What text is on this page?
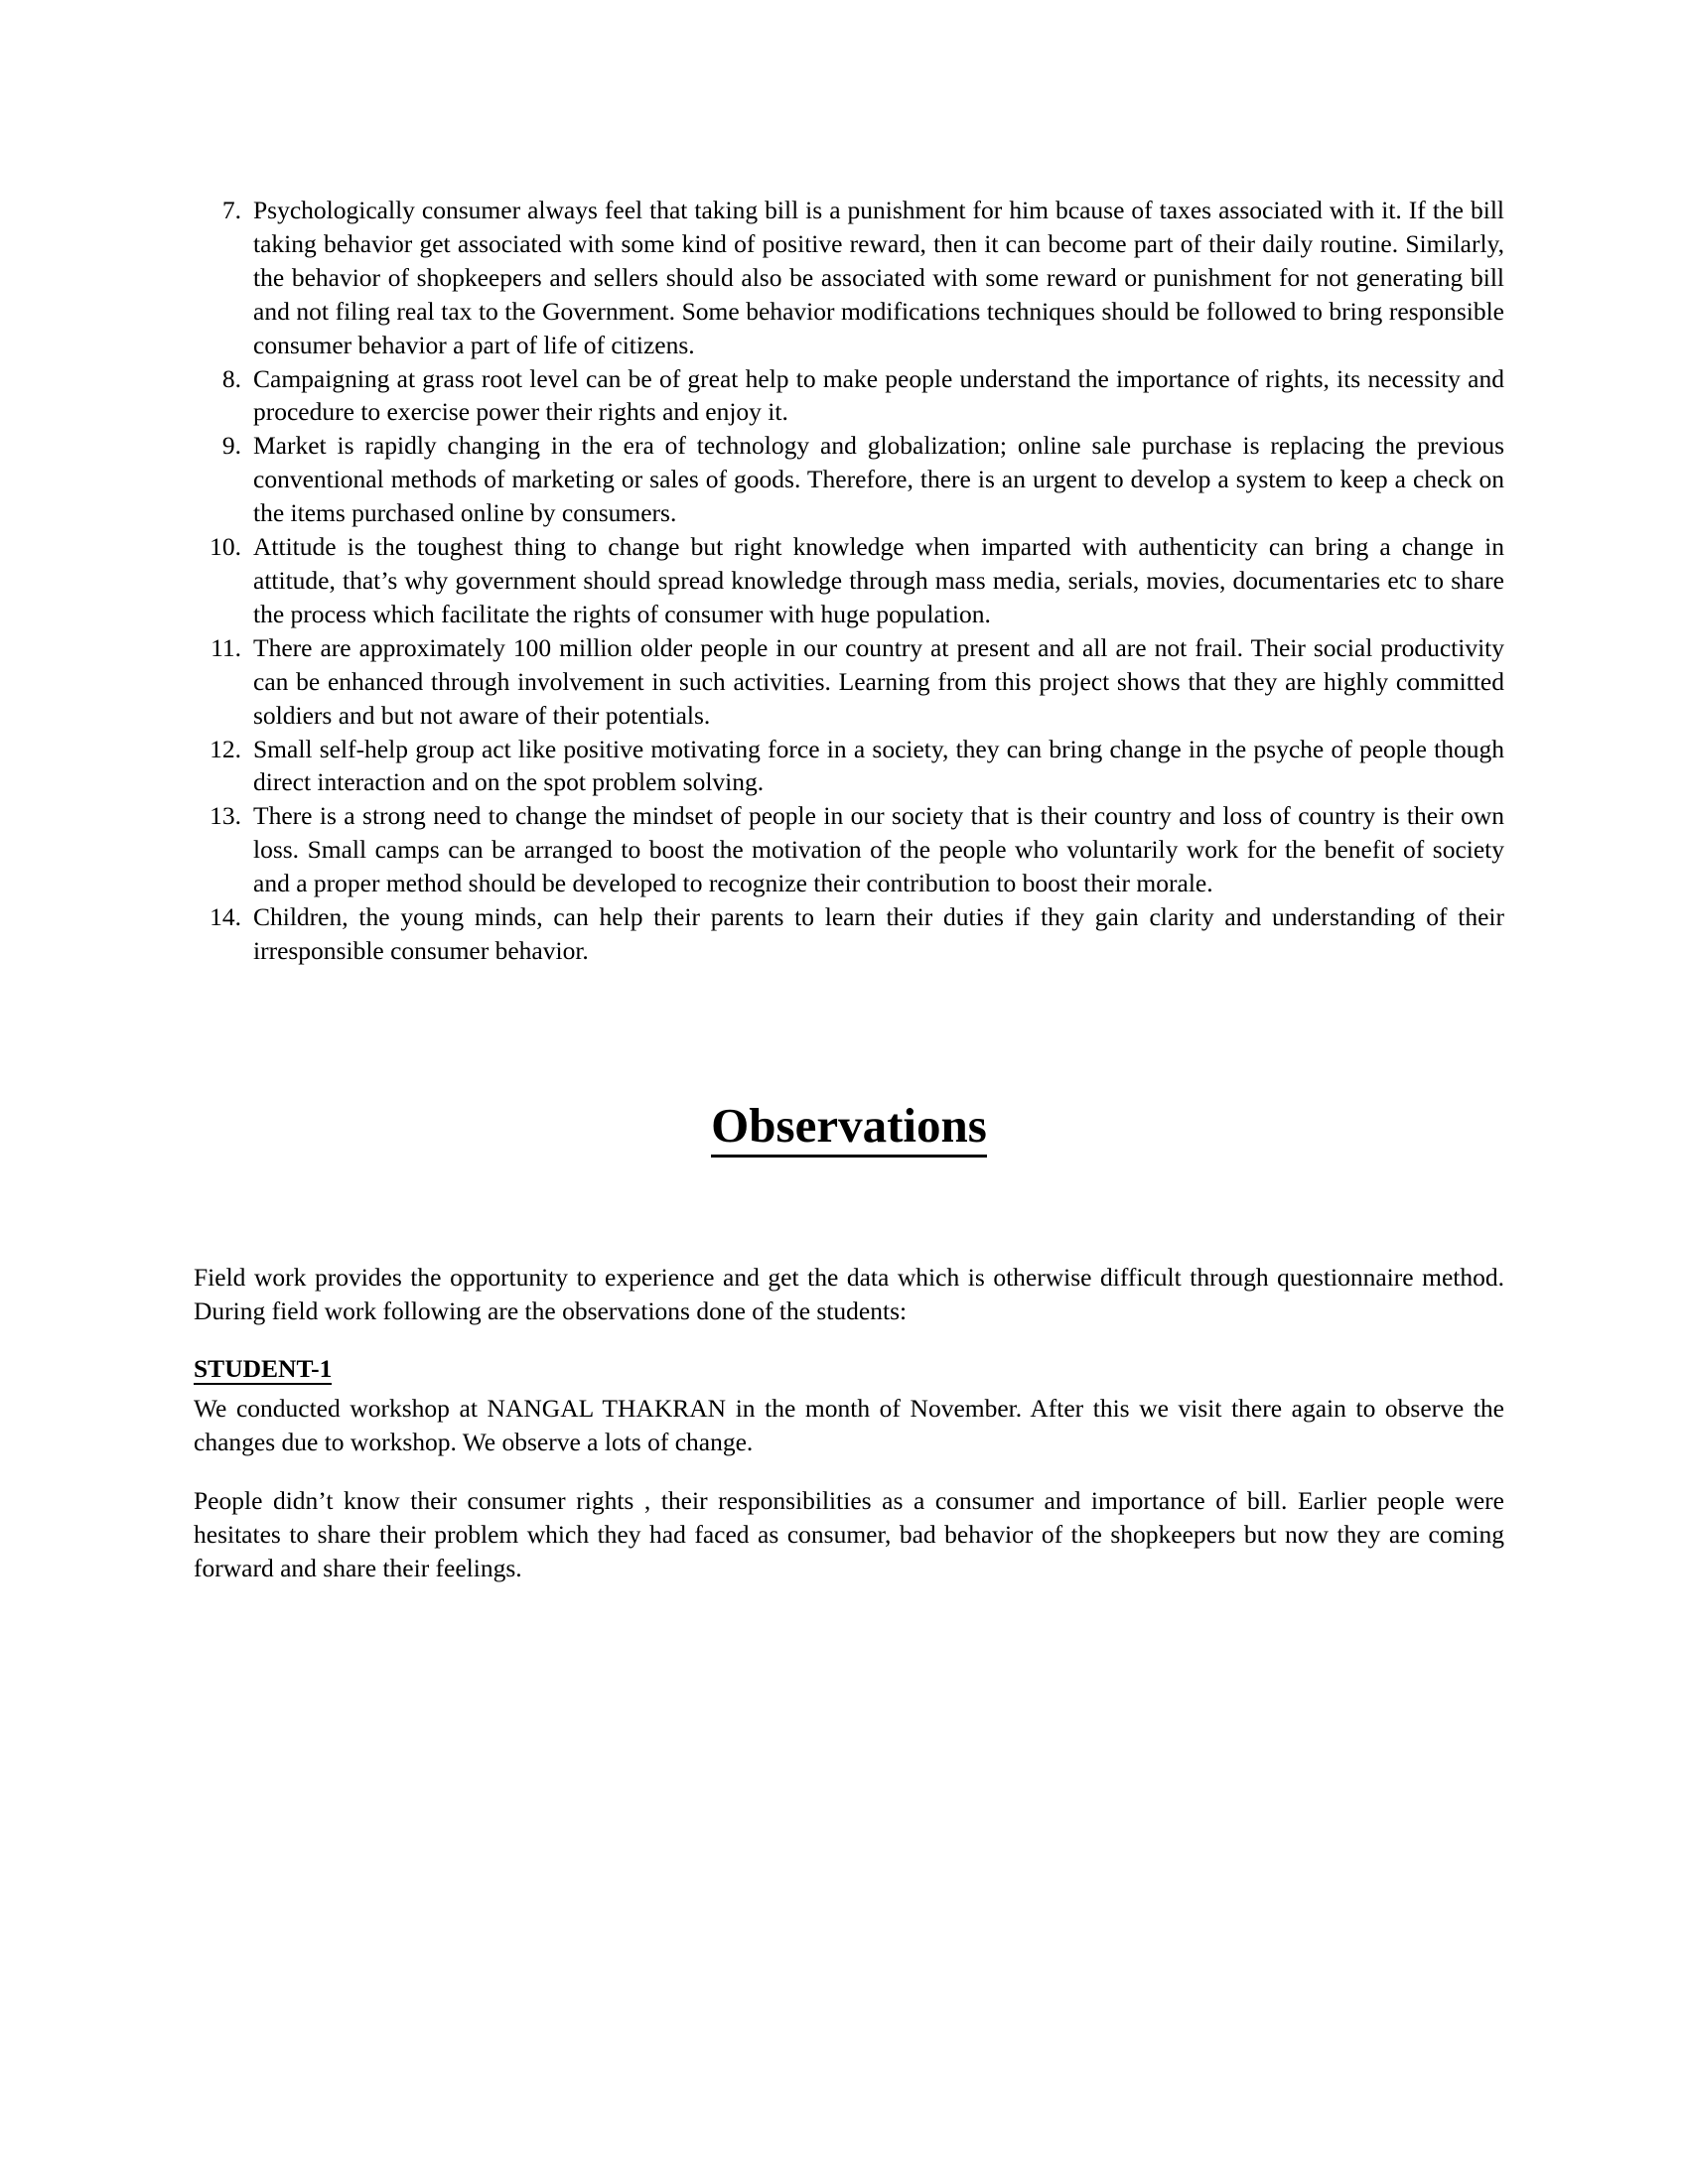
7. Psychologically consumer always feel that taking bill is a punishment for him bcause of taxes associated with it. If the bill taking behavior get associated with some kind of positive reward, then it can become part of their daily routine. Similarly, the behavior of shopkeepers and sellers should also be associated with some reward or punishment for not generating bill and not filing real tax to the Government. Some behavior modifications techniques should be followed to bring responsible consumer behavior a part of life of citizens.
8. Campaigning at grass root level can be of great help to make people understand the importance of rights, its necessity and procedure to exercise power their rights and enjoy it.
9. Market is rapidly changing in the era of technology and globalization; online sale purchase is replacing the previous conventional methods of marketing or sales of goods. Therefore, there is an urgent to develop a system to keep a check on the items purchased online by consumers.
10. Attitude is the toughest thing to change but right knowledge when imparted with authenticity can bring a change in attitude, that’s why government should spread knowledge through mass media, serials, movies, documentaries etc to share the process which facilitate the rights of consumer with huge population.
11. There are approximately 100 million older people in our country at present and all are not frail. Their social productivity can be enhanced through involvement in such activities. Learning from this project shows that they are highly committed soldiers and but not aware of their potentials.
12. Small self-help group act like positive motivating force in a society, they can bring change in the psyche of people though direct interaction and on the spot problem solving.
13. There is a strong need to change the mindset of people in our society that is their country and loss of country is their own loss. Small camps can be arranged to boost the motivation of the people who voluntarily work for the benefit of society and a proper method should be developed to recognize their contribution to boost their morale.
14. Children, the young minds, can help their parents to learn their duties if they gain clarity and understanding of their irresponsible consumer behavior.
Observations

Field work provides the opportunity to experience and get the data which is otherwise difficult through questionnaire method. During field work following are the observations done of the students:

STUDENT-1

We conducted workshop at NANGAL THAKRAN in the month of November. After this we visit there again to observe the changes due to workshop. We observe a lots of change.

People didn’t know their consumer rights , their responsibilities as a consumer and importance of bill. Earlier people were hesitates to share their problem which they had faced as consumer, bad behavior of the shopkeepers but now they are coming forward and share their feelings.
